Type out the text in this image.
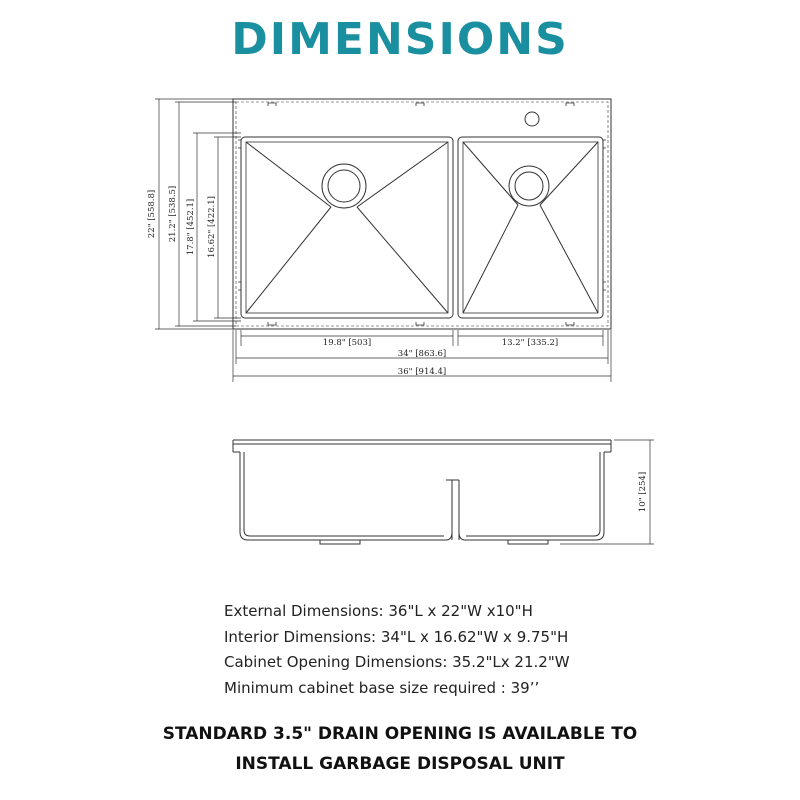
DIMENSIONS
19.8" [503]	13.2" [335.2]
34" [863.6]
36" [914.4]
22" [558.8] 21.2" [538.5] 17.8" [452.1] 16.62" [422.1]
10" [254]
External Dimensions: 36"L x 22"W x10"H
Interior Dimensions: 34"L x 16.62"W x 9.75"H
Cabinet Opening Dimensions: 35.2"Lx 21.2"W
Minimum cabinet base size required : 39’’
STANDARD 3.5" DRAIN OPENING IS AVAILABLE TO
INSTALL GARBAGE DISPOSAL UNIT
